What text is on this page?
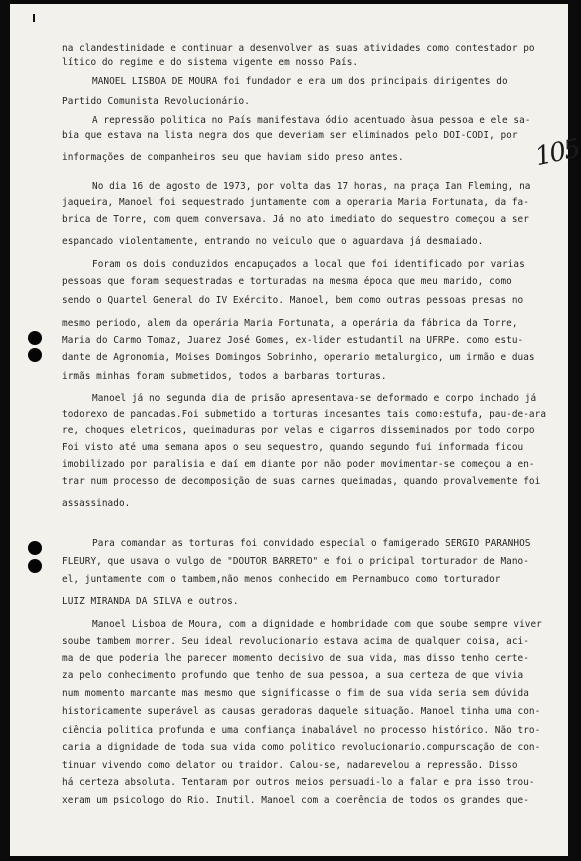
105
na clandestinidade e continuar a desenvolver as suas atividades como contestador po
lítico do regime e do sistema vigente em nosso País.
MANOEL LISBOA DE MOURA foi fundador e era um dos principais dirigentes do
Partido Comunista Revolucionário.
A repressão politica no País manifestava ódio acentuado àsua pessoa e ele sa-
bia que estava na lista negra dos que deveriam ser eliminados pelo DOI-CODI, por
informações de companheiros seu que haviam sido preso antes.
No dia 16 de agosto de 1973, por volta das 17 horas, na praça Ian Fleming, na
jaqueira, Manoel foi sequestrado juntamente com a operaria Maria Fortunata, da fa-
brica de Torre, com quem conversava. Já no ato imediato do sequestro começou a ser
espancado violentamente, entrando no veiculo que o aguardava já desmaiado.
Foram os dois conduzidos encapuçados a local que foi identificado por varias
pessoas que foram sequestradas e torturadas na mesma época que meu marido, como
sendo o Quartel General do IV Exército. Manoel, bem como outras pessoas presas no
mesmo periodo, alem da operária Maria Fortunata, a operária da fábrica da Torre,
Maria do Carmo Tomaz, Juarez José Gomes, ex-lider estudantil na UFRPe. como estu-
dante de Agronomia, Moises Domingos Sobrinho, operario metalurgico, um irmão e duas
irmãs minhas foram submetidos, todos a barbaras torturas.
Manoel já no segunda dia de prisão apresentava-se deformado e corpo inchado já
todorexo de pancadas.Foi submetido a torturas incesantes tais como:estufa, pau-de-ara
re, choques eletricos, queimaduras por velas e cigarros disseminados por todo corpo
Foi visto até uma semana apos o seu sequestro, quando segundo fui informada ficou
imobilizado por paralisia e daí em diante por não poder movimentar-se começou a en-
trar num processo de decomposição de suas carnes queimadas, quando provalvemente foi
assassinado.
Para comandar as torturas foi convidado especial o famigerado SERGIO PARANHOS
FLEURY, que usava o vulgo de "DOUTOR BARRETO" e foi o pricipal torturador de Mano-
el, juntamente com o tambem,não menos conhecido em Pernambuco como torturador
LUIZ MIRANDA DA SILVA e outros.
Manoel Lisboa de Moura, com a dignidade e hombridade com que soube sempre viver
soube tambem morrer. Seu ideal revolucionario estava acima de qualquer coisa, aci-
ma de que poderia lhe parecer momento decisivo de sua vida, mas disso tenho certe-
za pelo conhecimento profundo que tenho de sua pessoa, a sua certeza de que vivia
num momento marcante mas mesmo que significasse o fim de sua vida seria sem dúvida
historicamente superável as causas geradoras daquele situação. Manoel tinha uma con-
ciência politica profunda e uma confiança inabalável no processo histórico. Não tro-
caria a dignidade de toda sua vida como politico revolucionario.compurscação de con-
tinuar vivendo como delator ou traidor. Calou-se, nadarevelou a repressão. Disso
há certeza absoluta. Tentaram por outros meios persuadi-lo a falar e pra isso trou-
xeram um psicologo do Rio. Inutil. Manoel com a coerência de todos os grandes que-
